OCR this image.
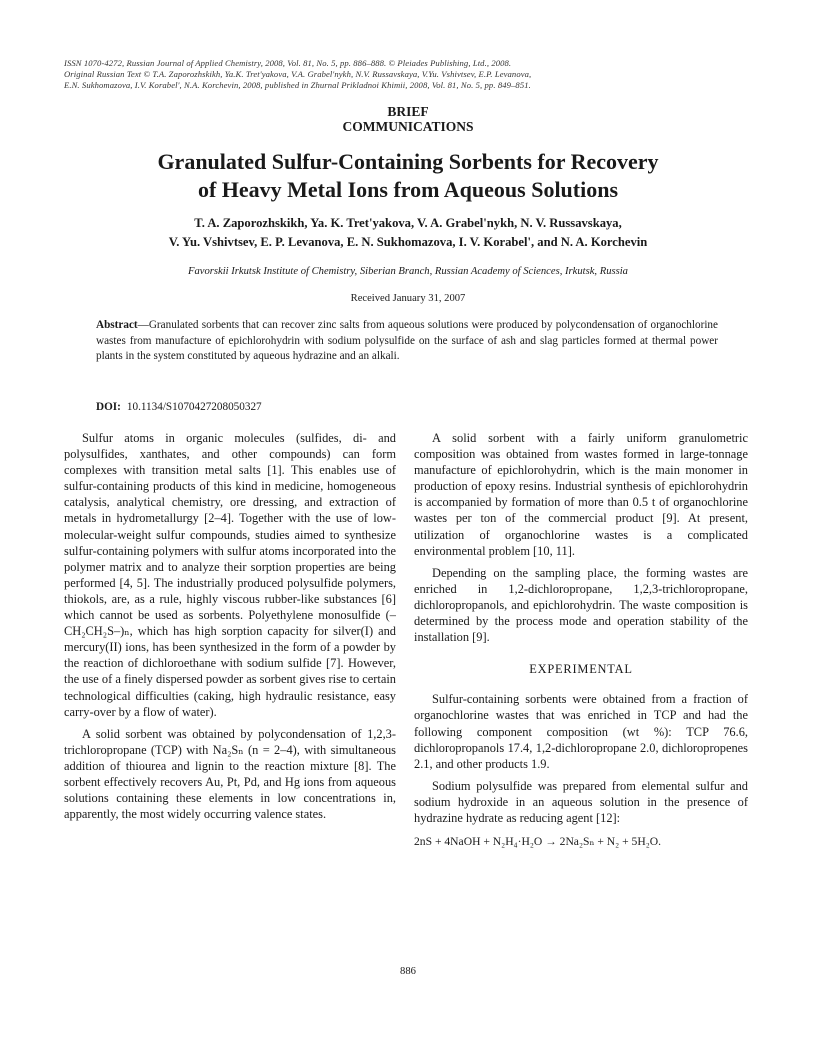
ISSN 1070-4272, Russian Journal of Applied Chemistry, 2008, Vol. 81, No. 5, pp. 886–888. © Pleiades Publishing, Ltd., 2008.
Original Russian Text © T.A. Zaporozhskikh, Ya.K. Tret'yakova, V.A. Grabel'nykh, N.V. Russavskaya, V.Yu. Vshivtsev, E.P. Levanova,
E.N. Sukhomazova, I.V. Korabel', N.A. Korchevin, 2008, published in Zhurnal Prikladnoi Khimii, 2008, Vol. 81, No. 5, pp. 849–851.
BRIEF
COMMUNICATIONS
Granulated Sulfur-Containing Sorbents for Recovery
of Heavy Metal Ions from Aqueous Solutions
T. A. Zaporozhskikh, Ya. K. Tret'yakova, V. A. Grabel'nykh, N. V. Russavskaya,
V. Yu. Vshivtsev, E. P. Levanova, E. N. Sukhomazova, I. V. Korabel', and N. A. Korchevin
Favorskii Irkutsk Institute of Chemistry, Siberian Branch, Russian Academy of Sciences, Irkutsk, Russia
Received January 31, 2007
Abstract—Granulated sorbents that can recover zinc salts from aqueous solutions were produced by polycondensation of organochlorine wastes from manufacture of epichlorohydrin with sodium polysulfide on the surface of ash and slag particles formed at thermal power plants in the system constituted by aqueous hydrazine and an alkali.
DOI: 10.1134/S1070427208050327

Sulfur atoms in organic molecules (sulfides, di- and polysulfides, xanthates, and other compounds) can form complexes with transition metal salts [1]. This enables use of sulfur-containing products of this kind in medicine, homogeneous catalysis, analytical chemistry, ore dressing, and extraction of metals in hydrometallurgy [2–4]. Together with the use of low-molecular-weight sulfur compounds, studies aimed to synthesize sulfur-containing polymers with sulfur atoms incorporated into the polymer matrix and to analyze their sorption properties are being performed [4, 5]. The industrially produced polysulfide polymers, thiokols, are, as a rule, highly viscous rubber-like substances [6] which cannot be used as sorbents. Polyethylene monosulfide (–CH₂CH₂S–)ₙ, which has high sorption capacity for silver(I) and mercury(II) ions, has been synthesized in the form of a powder by the reaction of dichloroethane with sodium sulfide [7]. However, the use of a finely dispersed powder as sorbent gives rise to certain technological difficulties (caking, high hydraulic resistance, easy carry-over by a flow of water).

A solid sorbent was obtained by polycondensation of 1,2,3-trichloropropane (TCP) with Na₂Sₙ (n = 2–4), with simultaneous addition of thiourea and lignin to the reaction mixture [8]. The sorbent effectively recovers Au, Pt, Pd, and Hg ions from aqueous solutions containing these elements in low concentrations in, apparently, the most widely occurring valence states.

A solid sorbent with a fairly uniform granulometric composition was obtained from wastes formed in large-tonnage manufacture of epichlorohydrin, which is the main monomer in production of epoxy resins. Industrial synthesis of epichlorohydrin is accompanied by formation of more than 0.5 t of organochlorine wastes per ton of the commercial product [9]. At present, utilization of organochlorine wastes is a complicated environmental problem [10, 11].

Depending on the sampling place, the forming wastes are enriched in 1,2-dichloropropane, 1,2,3-trichloropropane, dichloropropanols, and epichlorohydrin. The waste composition is determined by the process mode and operation stability of the installation [9].

EXPERIMENTAL

Sulfur-containing sorbents were obtained from a fraction of organochlorine wastes that was enriched in TCP and had the following component composition (wt %): TCP 76.6, dichloropropanols 17.4, 1,2-dichloropropane 2.0, dichloropropenes 2.1, and other products 1.9.

Sodium polysulfide was prepared from elemental sulfur and sodium hydroxide in an aqueous solution in the presence of hydrazine hydrate as reducing agent [12]:

2nS + 4NaOH + N₂H₄·H₂O → 2Na₂Sₙ + N₂ + 5H₂O.

886
